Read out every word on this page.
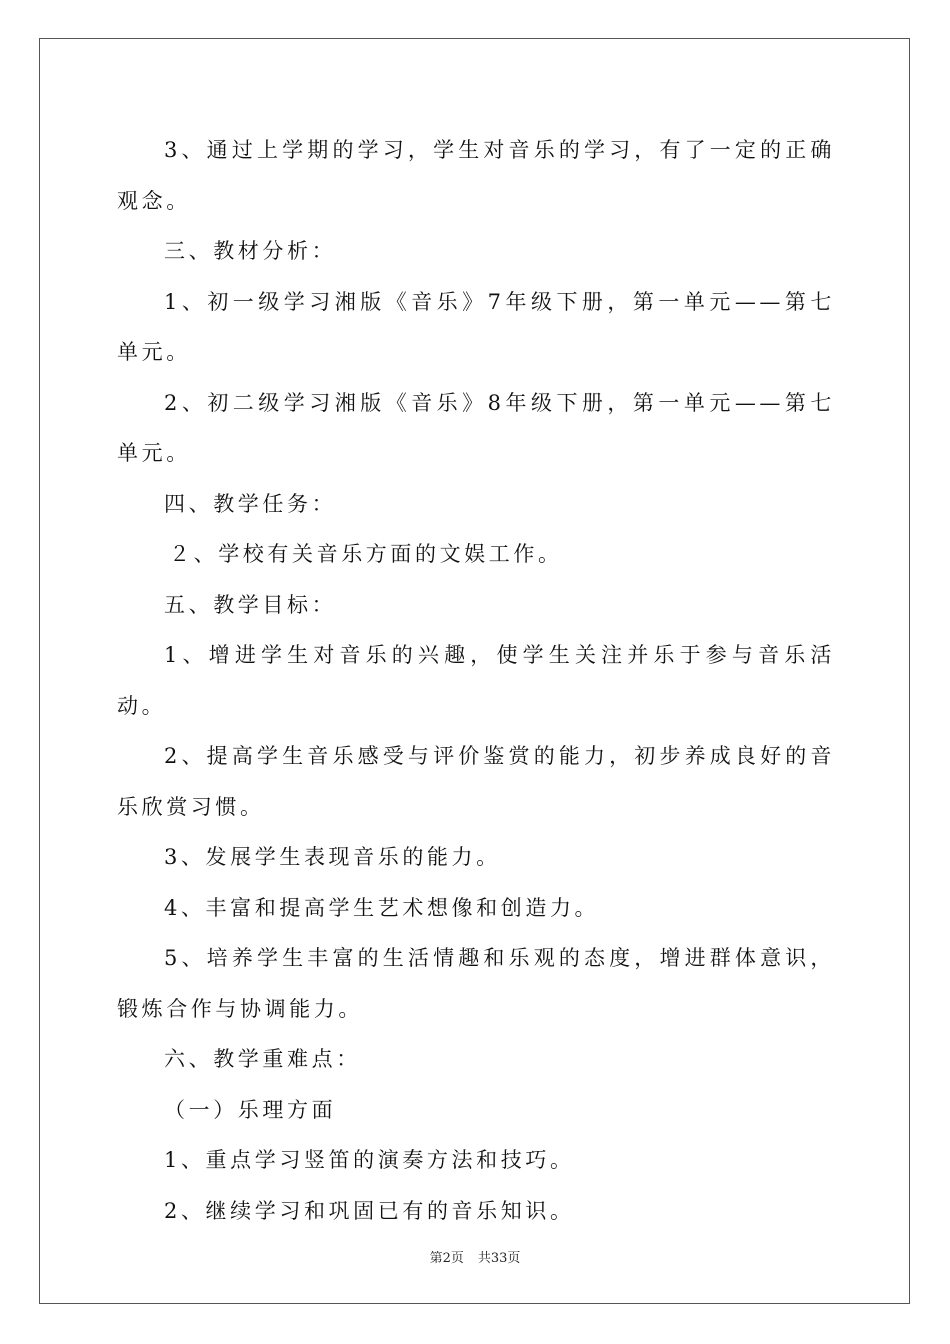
3、通过上学期的学习，学生对音乐的学习，有了一定的正确观念。

三、教材分析：

1、初一级学习湘版《音乐》7年级下册，第一单元——第七单元。

2、初二级学习湘版《音乐》8年级下册，第一单元——第七单元。

四、教学任务：

２、学校有关音乐方面的文娱工作。

五、教学目标：

1、增进学生对音乐的兴趣，使学生关注并乐于参与音乐活动。

2、提高学生音乐感受与评价鉴赏的能力，初步养成良好的音乐欣赏习惯。

3、发展学生表现音乐的能力。

4、丰富和提高学生艺术想像和创造力。

5、培养学生丰富的生活情趣和乐观的态度，增进群体意识，锻炼合作与协调能力。

六、教学重难点：

（一）乐理方面

1、重点学习竖笛的演奏方法和技巧。

2、继续学习和巩固已有的音乐知识。

第2页 共33页
